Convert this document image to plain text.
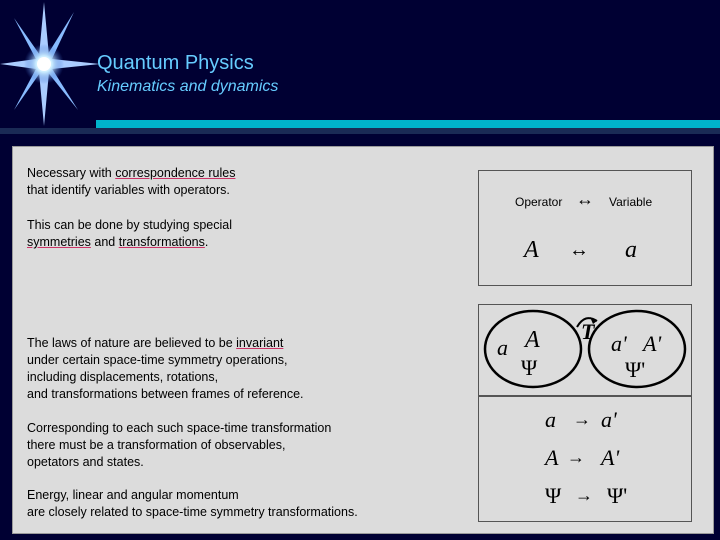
Quantum Physics
Kinematics and dynamics

Necessary with correspondence rules

that identify variables with operators.

This can be done by studying special

symmetries and transformations.

The laws of nature are believed to be invariant

under certain space-time symmetry operations,

including displacements, rotations,

and transformations between frames of reference.

Corresponding to each such space-time transformation

there must be a transformation of observables,

opetators and states.

Energy, linear and angular momentum

are closely related to space-time symmetry transformations.

Operator ↔ Variable
A ↔ a
a A
Ψ
T a' A'
Ψ'
a → a'
A → A'
Ψ → Ψ'
